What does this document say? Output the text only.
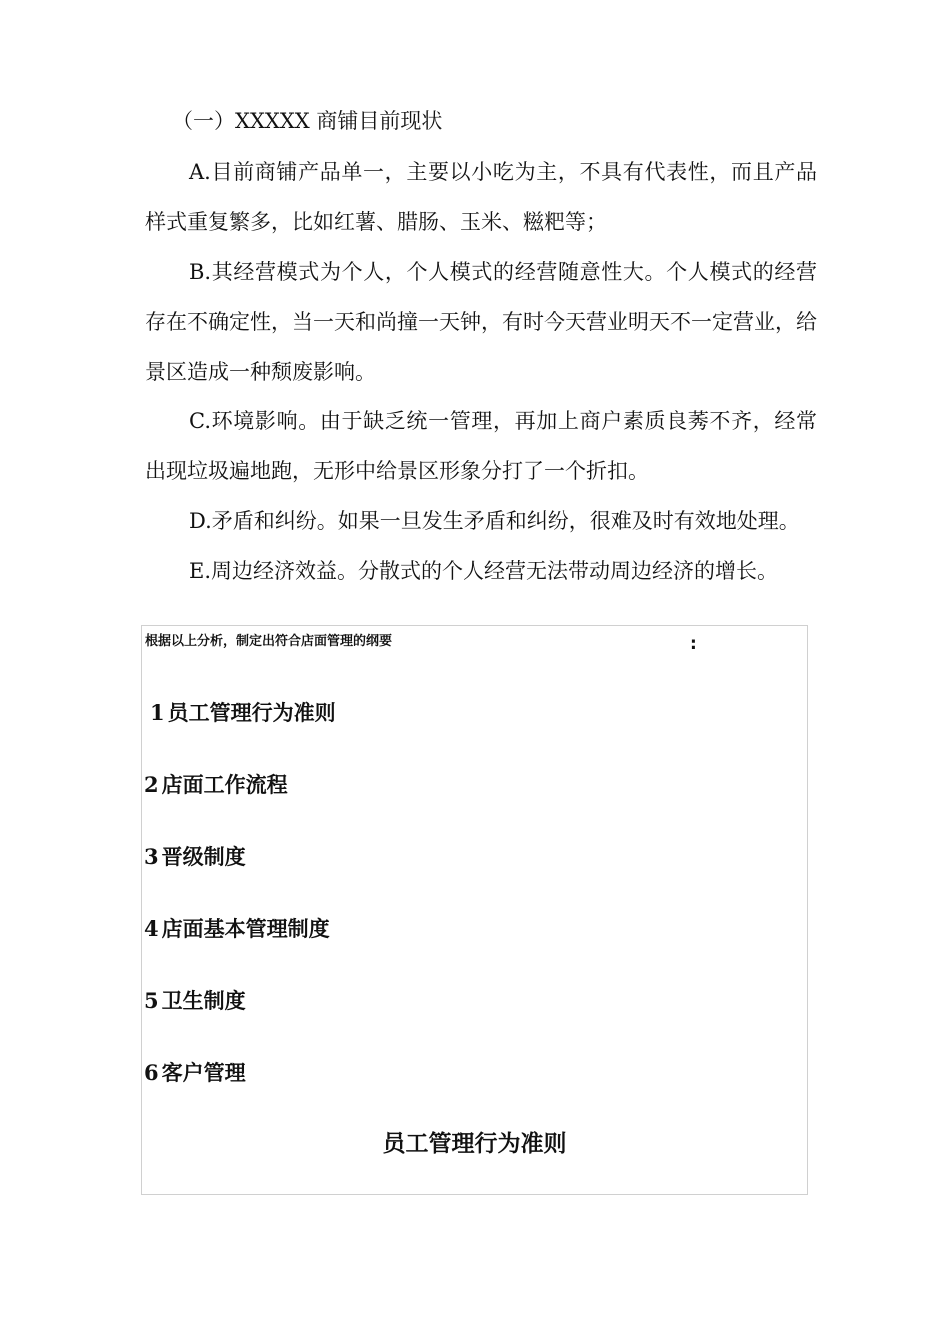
（一）XXXXX 商铺目前现状

A.目前商铺产品单一，主要以小吃为主，不具有代表性，而且产品样式重复繁多，比如红薯、腊肠、玉米、糍粑等；

B.其经营模式为个人，个人模式的经营随意性大。个人模式的经营存在不确定性，当一天和尚撞一天钟，有时今天营业明天不一定营业，给景区造成一种颓废影响。

C.环境影响。由于缺乏统一管理，再加上商户素质良莠不齐，经常出现垃圾遍地跑，无形中给景区形象分打了一个折扣。

D.矛盾和纠纷。如果一旦发生矛盾和纠纷，很难及时有效地处理。

E.周边经济效益。分散式的个人经营无法带动周边经济的增长。

根据以上分析，制定出符合店面管理的纲要	:
1 员工管理行为准则
2 店面工作流程
3 晋级制度
4 店面基本管理制度
5 卫生制度
6 客户管理
员工管理行为准则
